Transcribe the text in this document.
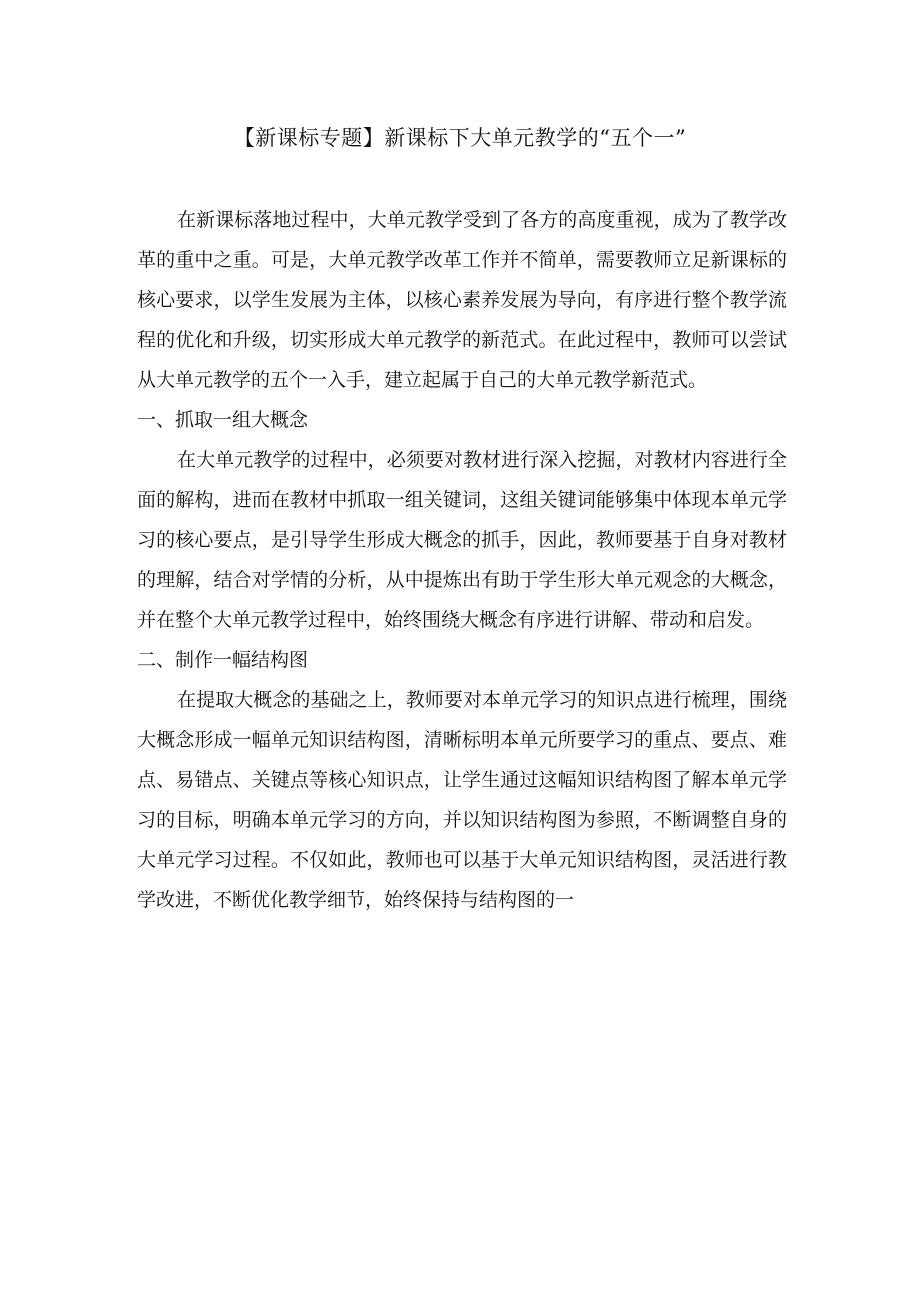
【新课标专题】新课标下大单元教学的“五个一”

在新课标落地过程中，大单元教学受到了各方的高度重视，成为了教学改革的重中之重。可是，大单元教学改革工作并不简单，需要教师立足新课标的核心要求，以学生发展为主体，以核心素养发展为导向，有序进行整个教学流程的优化和升级，切实形成大单元教学的新范式。在此过程中，教师可以尝试从大单元教学的五个一入手，建立起属于自己的大单元教学新范式。

一、抓取一组大概念

在大单元教学的过程中，必须要对教材进行深入挖掘，对教材内容进行全面的解构，进而在教材中抓取一组关键词，这组关键词能够集中体现本单元学习的核心要点，是引导学生形成大概念的抓手，因此，教师要基于自身对教材的理解，结合对学情的分析，从中提炼出有助于学生形大单元观念的大概念，并在整个大单元教学过程中，始终围绕大概念有序进行讲解、带动和启发。

二、制作一幅结构图

在提取大概念的基础之上，教师要对本单元学习的知识点进行梳理，围绕大概念形成一幅单元知识结构图，清晰标明本单元所要学习的重点、要点、难点、易错点、关键点等核心知识点，让学生通过这幅知识结构图了解本单元学习的目标，明确本单元学习的方向，并以知识结构图为参照，不断调整自身的大单元学习过程。不仅如此，教师也可以基于大单元知识结构图，灵活进行教学改进，不断优化教学细节，始终保持与结构图的一
